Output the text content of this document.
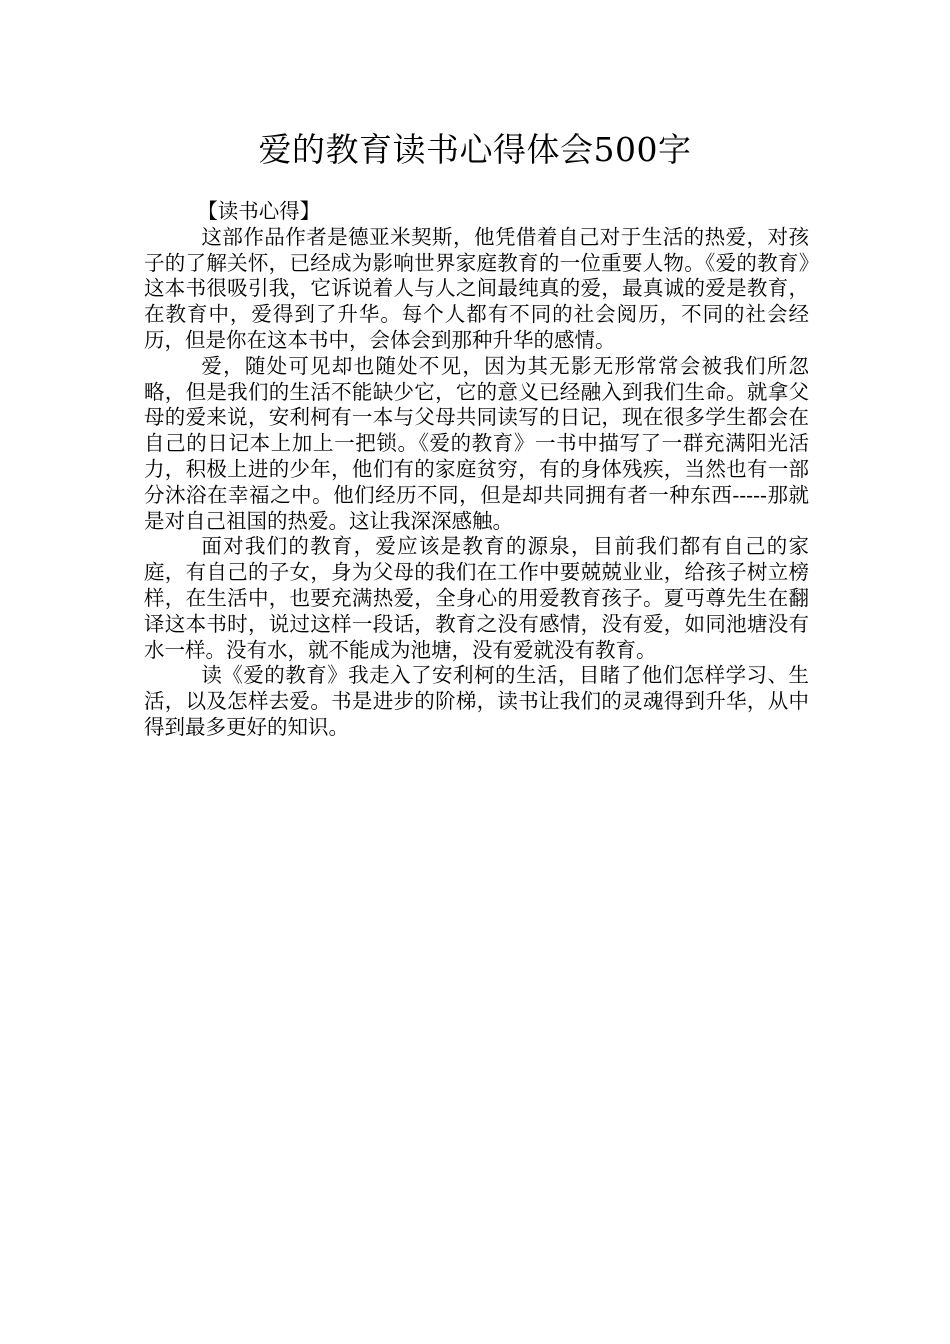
爱的教育读书心得体会500字

【读书心得】

这部作品作者是德亚米契斯，他凭借着自己对于生活的热爱，对孩子的了解关怀，已经成为影响世界家庭教育的一位重要人物。《爱的教育》这本书很吸引我，它诉说着人与人之间最纯真的爱，最真诚的爱是教育，在教育中，爱得到了升华。每个人都有不同的社会阅历，不同的社会经历，但是你在这本书中，会体会到那种升华的感情。

爱，随处可见却也随处不见，因为其无影无形常常会被我们所忽略，但是我们的生活不能缺少它，它的意义已经融入到我们生命。就拿父母的爱来说，安利柯有一本与父母共同读写的日记，现在很多学生都会在自己的日记本上加上一把锁。《爱的教育》一书中描写了一群充满阳光活力，积极上进的少年，他们有的家庭贫穷，有的身体残疾，当然也有一部分沐浴在幸福之中。他们经历不同，但是却共同拥有者一种东西-----那就是对自己祖国的热爱。这让我深深感触。

面对我们的教育，爱应该是教育的源泉，目前我们都有自己的家庭，有自己的子女，身为父母的我们在工作中要兢兢业业，给孩子树立榜样，在生活中，也要充满热爱，全身心的用爱教育孩子。夏丏尊先生在翻译这本书时，说过这样一段话，教育之没有感情，没有爱，如同池塘没有水一样。没有水，就不能成为池塘，没有爱就没有教育。

读《爱的教育》我走入了安利柯的生活，目睹了他们怎样学习、生活，以及怎样去爱。书是进步的阶梯，读书让我们的灵魂得到升华，从中得到最多更好的知识。
